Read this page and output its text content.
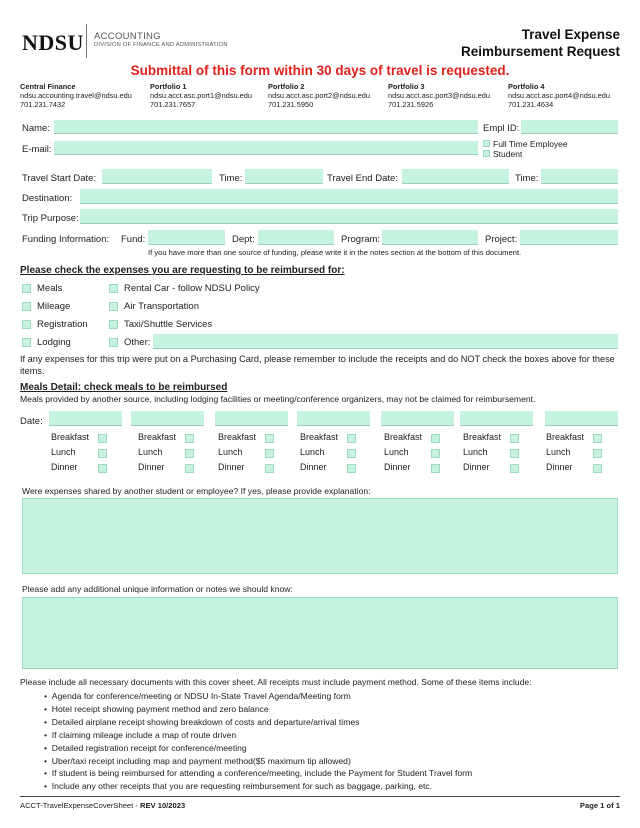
NDSU ACCOUNTING
DIVISION OF FINANCE AND ADMINISTRATION
Travel Expense
Reimbursement Request
Submittal of this form within 30 days of travel is requested.
Central Finance
ndsu.accounting.travel@ndsu.edu
701.231.7432
Portfolio 1
ndsu.acct.asc.port1@ndsu.edu
701.231.7657
Portfolio 2
ndsu.acct.asc.port2@ndsu.edu
701.231.5950
Portfolio 3
ndsu.acct.asc.port3@ndsu.edu
701.231.5926
Portfolio 4
ndsu.acct.asc.port4@ndsu.edu
701.231.4634
Name:	Empl ID:
E-mail:	Full Time Employee
Student
Travel Start Date:	Time:	Travel End Date:	Time:
Destination:
Trip Purpose:
Funding Information: Fund:	Dept:	Program:	Project:
If you have more than one source of funding, please write it in the notes section at the bottom of this document.
Please check the expenses you are requesting to be reimbursed for:
Meals
Mileage
Registration
Lodging
Rental Car - follow NDSU Policy
Air Transportation
Taxi/Shuttle Services
Other:
If any expenses for this trip were put on a Purchasing Card, please remember to include the receipts and do NOT check the boxes above for these items.
Meals Detail: check meals to be reimbursed
Meals provided by another source, including lodging facilities or meeting/conference organizers, may not be claimed for reimbursement.
Date:
Breakfast
Lunch
Dinner
Breakfast
Lunch
Dinner
Breakfast
Lunch
Dinner
Breakfast
Lunch
Dinner
Breakfast
Lunch
Dinner
Breakfast
Lunch
Dinner
Breakfast
Lunch
Dinner
Were expenses shared by another student or employee? If yes, please provide explanation:
Please add any additional unique information or notes we should know:
Please include all necessary documents with this cover sheet. All receipts must include payment method. Some of these items include:
•  Agenda for conference/meeting or NDSU In-State Travel Agenda/Meeting form
•  Hotel receipt showing payment method and zero balance
•  Detailed airplane receipt showing breakdown of costs and departure/arrival times
•  If claiming mileage include a map of route driven
•  Detailed registration receipt for conference/meeting
•  Uber/taxi receipt including map and payment method($5 maximum tip allowed)
•  If student is being reimbursed for attending a conference/meeting, include the Payment for Student Travel form
•  Include any other receipts that you are requesting reimbursement for such as baggage, parking, etc.
ACCT-TravelExpenseCoverSheet - REV 10/2023	Page 1 of 1
